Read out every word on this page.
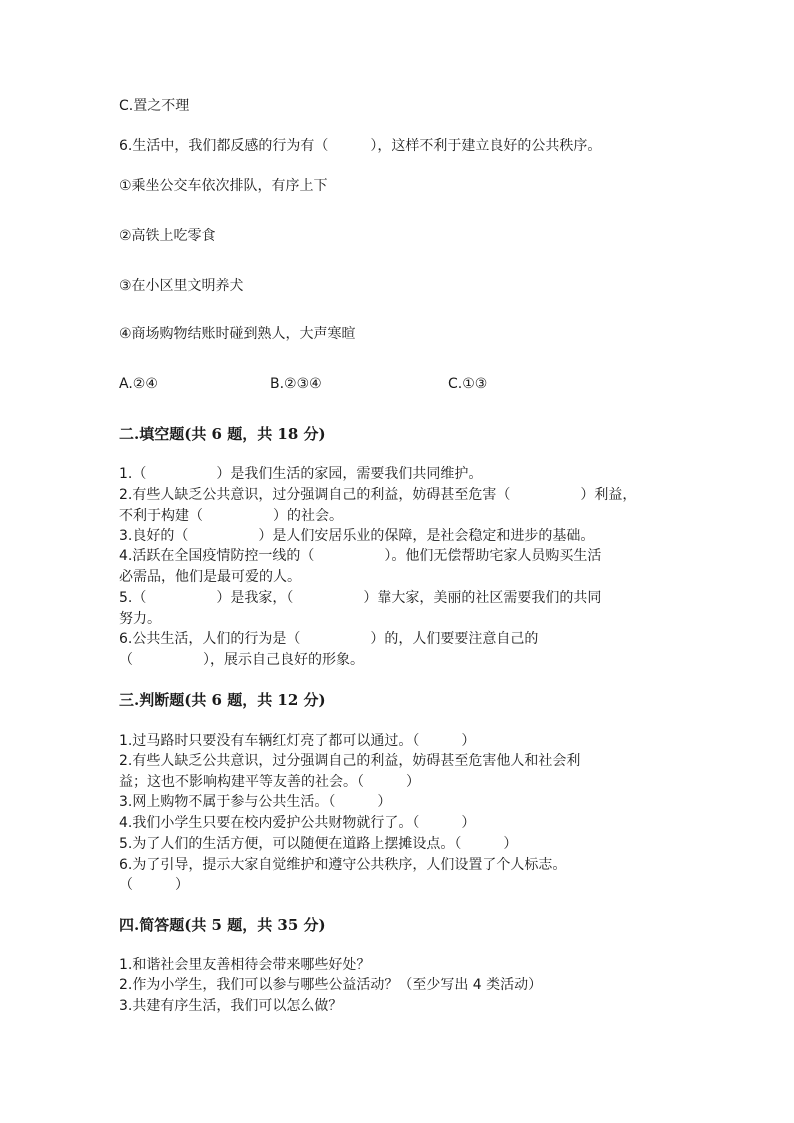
C.置之不理
6.生活中，我们都反感的行为有（　　　），这样不利于建立良好的公共秩序。
①乘坐公交车依次排队，有序上下
②高铁上吃零食
③在小区里文明养犬
④商场购物结账时碰到熟人，大声寒暄
A.②④	B.②③④	C.①③
二.填空题(共 6 题，共 18 分)
1.（　　　　　）是我们生活的家园，需要我们共同维护。
2.有些人缺乏公共意识，过分强调自己的利益，妨碍甚至危害（　　　　　）利益，
不利于构建（　　　　　）的社会。
3.良好的（　　　　　）是人们安居乐业的保障，是社会稳定和进步的基础。
4.活跃在全国疫情防控一线的（　　　　　）。他们无偿帮助宅家人员购买生活
必需品，他们是最可爱的人。
5.（　　　　　）是我家，（　　　　　）靠大家，美丽的社区需要我们的共同
努力。
6.公共生活，人们的行为是（　　　　　）的，人们要要注意自己的
（　　　　　），展示自己良好的形象。
三.判断题(共 6 题，共 12 分)
1.过马路时只要没有车辆红灯亮了都可以通过。（　　　）
2.有些人缺乏公共意识，过分强调自己的利益，妨碍甚至危害他人和社会利
益；这也不影响构建平等友善的社会。（　　　）
3.网上购物不属于参与公共生活。（　　　）
4.我们小学生只要在校内爱护公共财物就行了。（　　　）
5.为了人们的生活方便，可以随便在道路上摆摊设点。（　　　）
6.为了引导，提示大家自觉维护和遵守公共秩序，人们设置了个人标志。
（　　　）
四.简答题(共 5 题，共 35 分)
1.和谐社会里友善相待会带来哪些好处？
2.作为小学生，我们可以参与哪些公益活动？（至少写出 4 类活动）
3.共建有序生活，我们可以怎么做？
